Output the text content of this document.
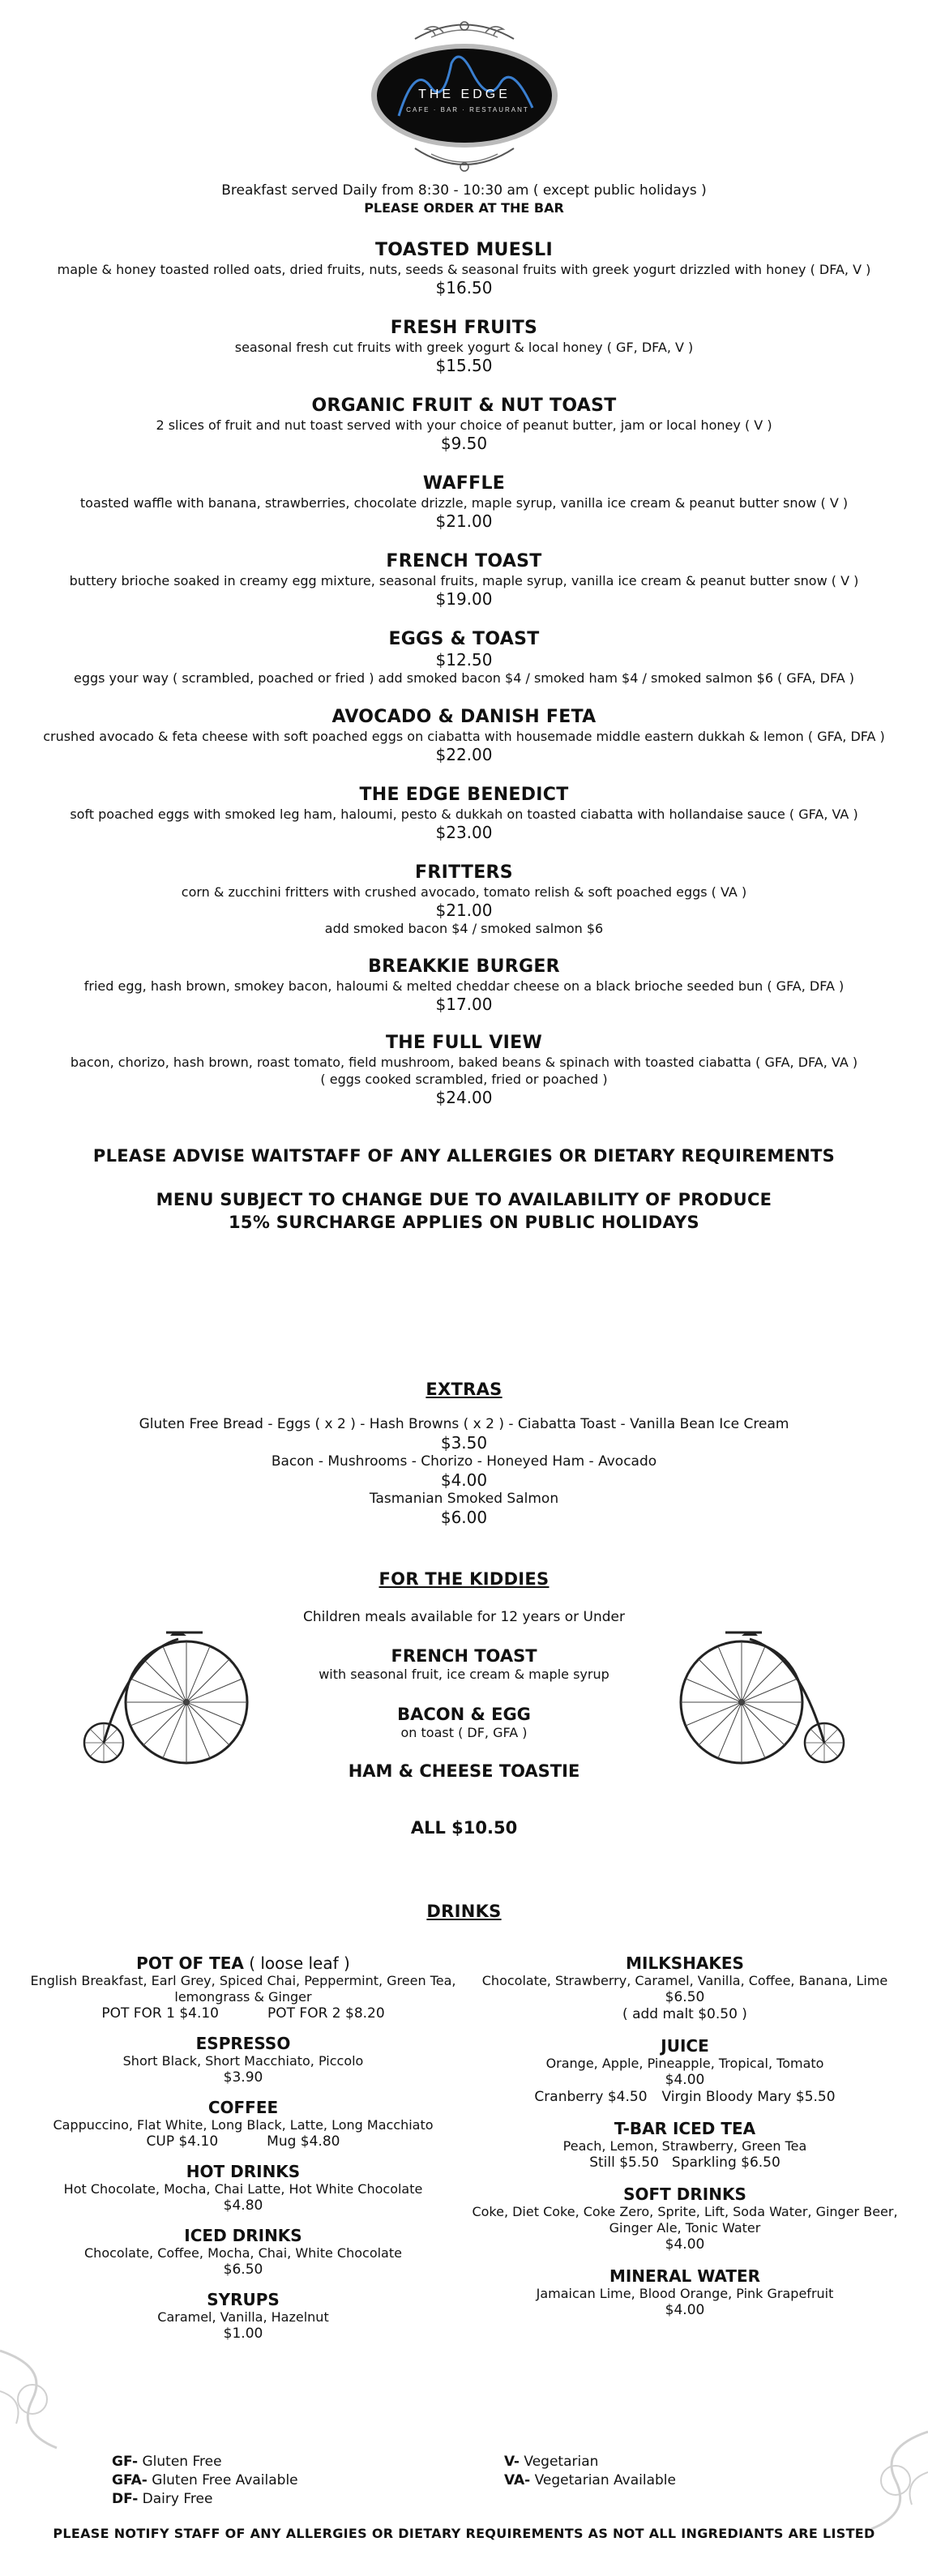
THE EDGE
CAFE · BAR · RESTAURANT
Breakfast served Daily from 8:30 - 10:30 am ( except public holidays )
PLEASE ORDER AT THE BAR
TOASTED MUESLI
maple & honey toasted rolled oats, dried fruits, nuts, seeds & seasonal fruits with greek yogurt drizzled with honey ( DFA, V )
$16.50
FRESH FRUITS
seasonal fresh cut fruits with greek yogurt & local honey ( GF, DFA, V )
$15.50
ORGANIC FRUIT & NUT TOAST
2 slices of fruit and nut toast served with your choice of peanut butter, jam or local honey ( V )
$9.50
WAFFLE
toasted waffle with banana, strawberries, chocolate drizzle, maple syrup, vanilla ice cream & peanut butter snow ( V )
$21.00
FRENCH TOAST
buttery brioche soaked in creamy egg mixture, seasonal fruits, maple syrup, vanilla ice cream & peanut butter snow ( V )
$19.00
EGGS & TOAST
$12.50
eggs your way ( scrambled, poached or fried ) add smoked bacon $4 / smoked ham $4 / smoked salmon $6 ( GFA, DFA )
AVOCADO & DANISH FETA
crushed avocado & feta cheese with soft poached eggs on ciabatta with housemade middle eastern dukkah & lemon ( GFA, DFA )
$22.00
THE EDGE BENEDICT
soft poached eggs with smoked leg ham, haloumi, pesto & dukkah on toasted ciabatta with hollandaise sauce ( GFA, VA )
$23.00
FRITTERS
corn & zucchini fritters with crushed avocado, tomato relish & soft poached eggs ( VA )
$21.00
add smoked bacon $4 / smoked salmon $6
BREAKKIE BURGER
fried egg, hash brown, smokey bacon, haloumi & melted cheddar cheese on a black brioche seeded bun ( GFA, DFA )
$17.00
THE FULL VIEW
bacon, chorizo, hash brown, roast tomato, field mushroom, baked beans & spinach with toasted ciabatta ( GFA, DFA, VA )
( eggs cooked scrambled, fried or poached )
$24.00
PLEASE ADVISE WAITSTAFF OF ANY ALLERGIES OR DIETARY REQUIREMENTS
MENU SUBJECT TO CHANGE DUE TO AVAILABILITY OF PRODUCE
15% SURCHARGE APPLIES ON PUBLIC HOLIDAYS
EXTRAS
Gluten Free Bread - Eggs ( x 2 ) - Hash Browns ( x 2 ) - Ciabatta Toast - Vanilla Bean Ice Cream
$3.50
Bacon - Mushrooms - Chorizo - Honeyed Ham - Avocado
$4.00
Tasmanian Smoked Salmon
$6.00
FOR THE KIDDIES
Children meals available for 12 years or Under
FRENCH TOAST
with seasonal fruit, ice cream & maple syrup
BACON & EGG
on toast ( DF, GFA )
HAM & CHEESE TOASTIE
ALL $10.50
DRINKS
POT OF TEA ( loose leaf )
English Breakfast, Earl Grey, Spiced Chai, Peppermint, Green Tea, lemongrass & Ginger
POT FOR 1 $4.10	POT FOR 2 $8.20
ESPRESSO
Short Black, Short Macchiato, Piccolo
$3.90
COFFEE
Cappuccino, Flat White, Long Black, Latte, Long Macchiato
CUP $4.10	Mug $4.80
HOT DRINKS
Hot Chocolate, Mocha, Chai Latte, Hot White Chocolate
$4.80
ICED DRINKS
Chocolate, Coffee, Mocha, Chai, White Chocolate
$6.50
SYRUPS
Caramel, Vanilla, Hazelnut
$1.00
MILKSHAKES
Chocolate, Strawberry, Caramel, Vanilla, Coffee, Banana, Lime
$6.50
( add malt $0.50 )
JUICE
Orange, Apple, Pineapple, Tropical, Tomato
$4.00
Cranberry $4.50 Virgin Bloody Mary $5.50
T-BAR ICED TEA
Peach, Lemon, Strawberry, Green Tea
Still $5.50 Sparkling $6.50
SOFT DRINKS
Coke, Diet Coke, Coke Zero, Sprite, Lift, Soda Water, Ginger Beer, Ginger Ale, Tonic Water
$4.00
MINERAL WATER
Jamaican Lime, Blood Orange, Pink Grapefruit
$4.00
GF- Gluten Free
GFA- Gluten Free Available
DF- Dairy Free
V- Vegetarian
VA- Vegetarian Available
PLEASE NOTIFY STAFF OF ANY ALLERGIES OR DIETARY REQUIREMENTS AS NOT ALL INGREDIANTS ARE LISTED
